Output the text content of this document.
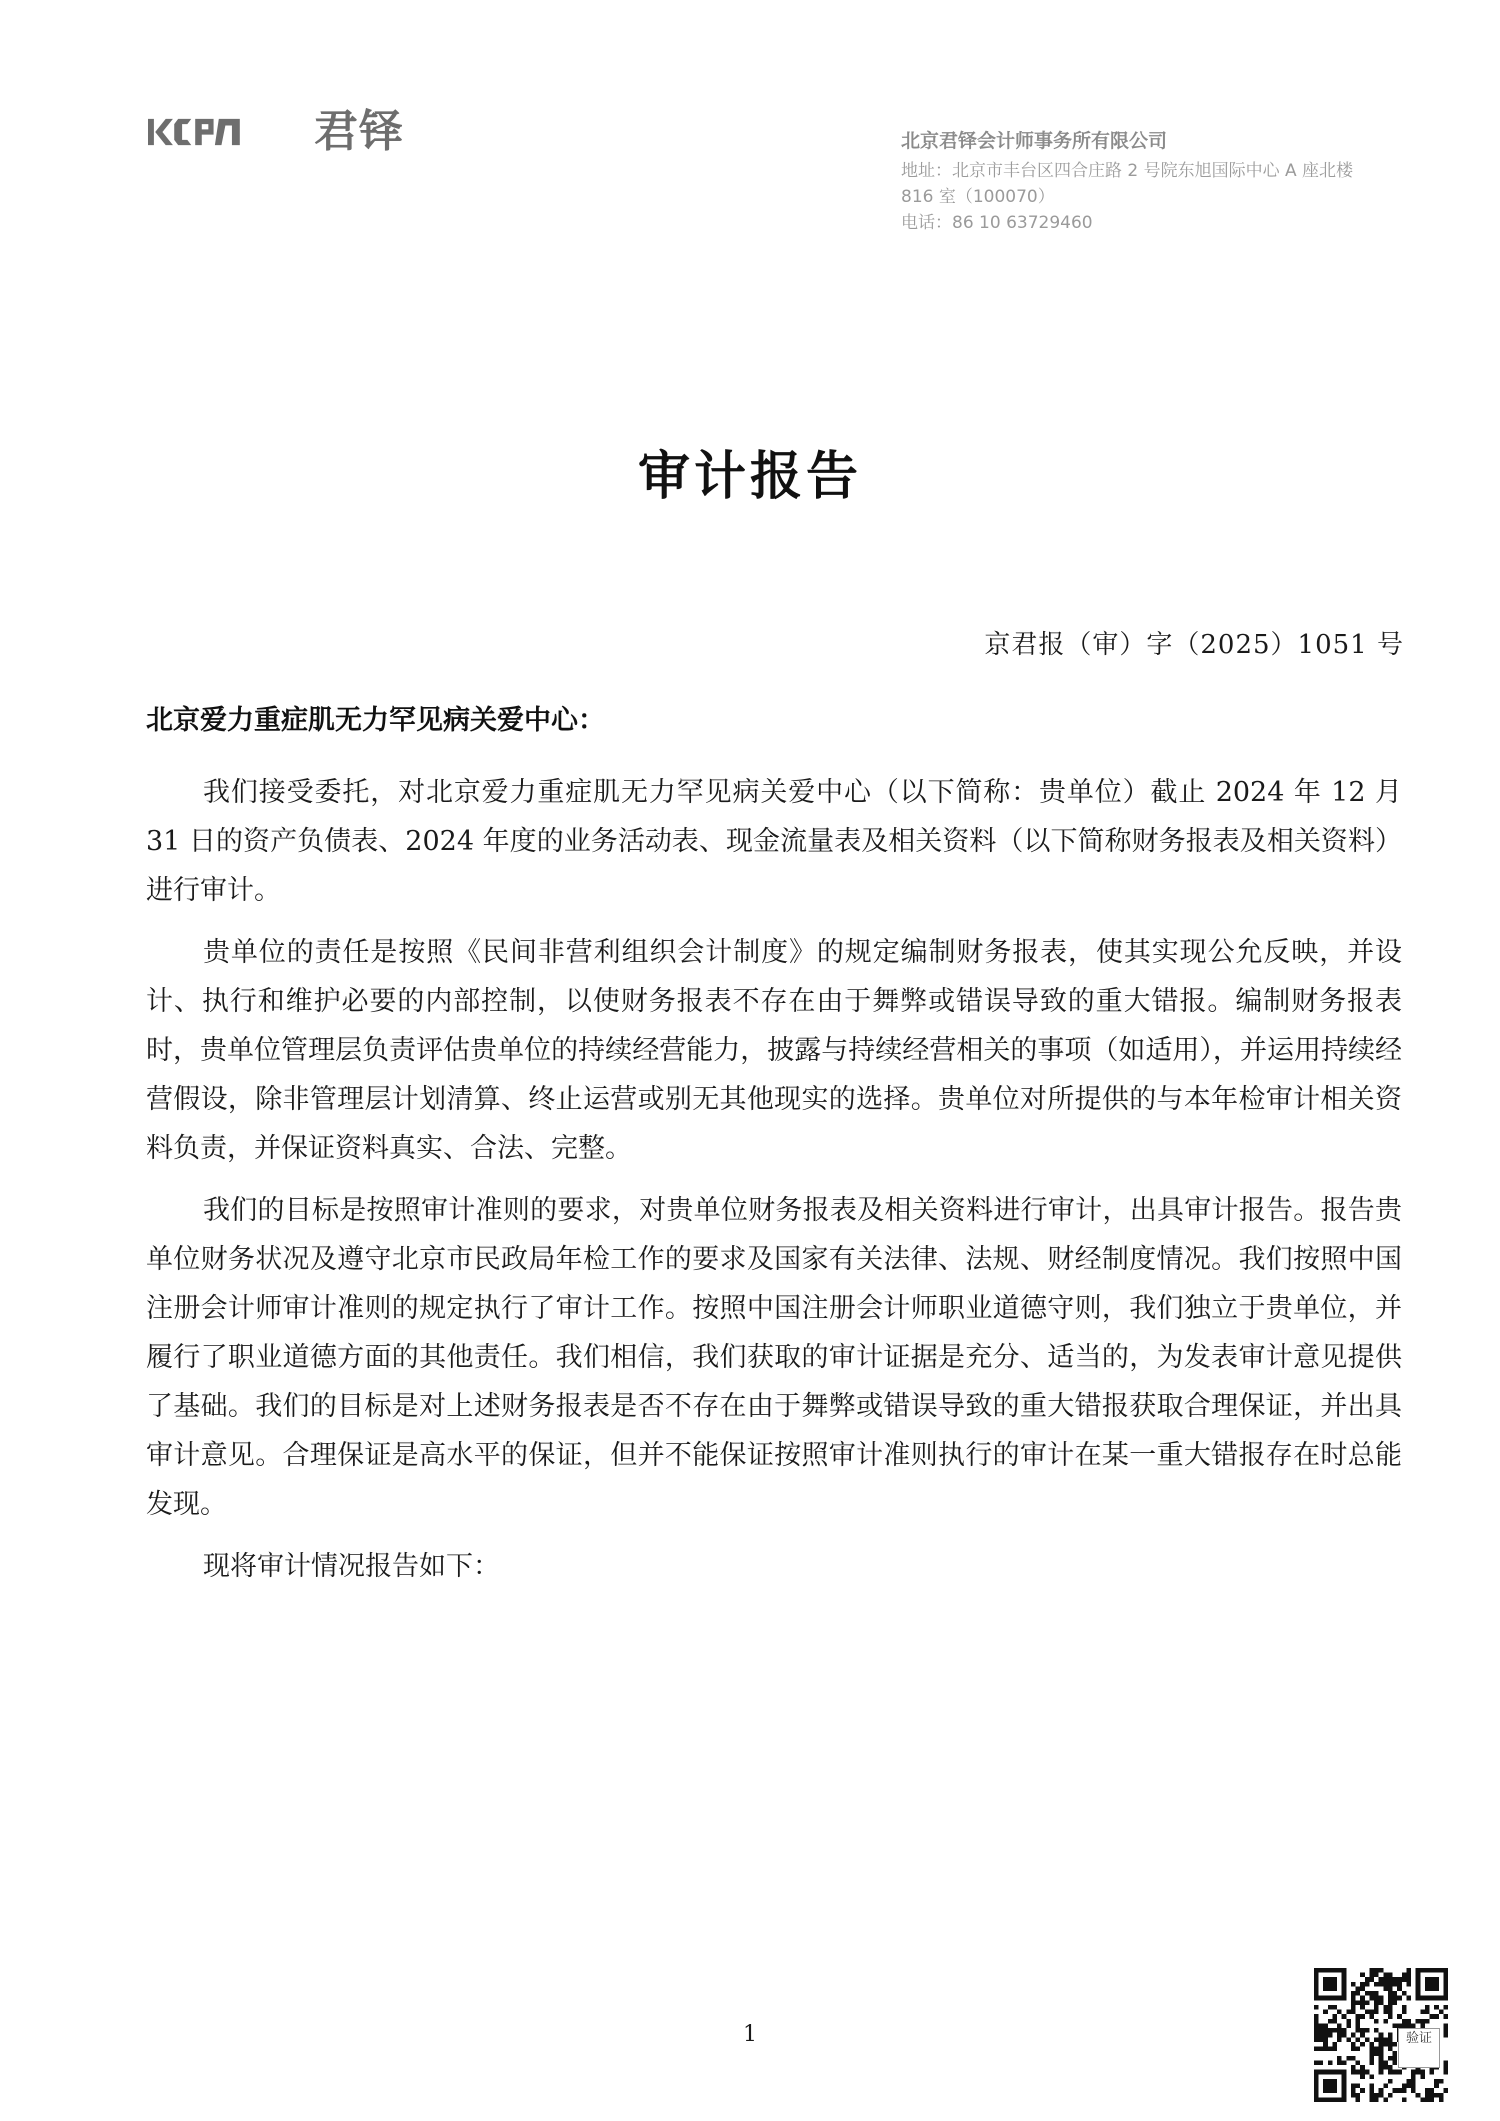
君铎	北京君铎会计师事务所有限公司
地址：北京市丰台区四合庄路 2 号院东旭国际中心 A 座北楼
816 室（100070）
电话：86 10 63729460
审计报告
京君报（审）字（2025）1051 号
北京爱力重症肌无力罕见病关爱中心：

我们接受委托，对北京爱力重症肌无力罕见病关爱中心（以下简称：贵单位）截止 2024 年 12 月 31 日的资产负债表、2024 年度的业务活动表、现金流量表及相关资料（以下简称财务报表及相关资料）进行审计。

贵单位的责任是按照《民间非营利组织会计制度》的规定编制财务报表，使其实现公允反映，并设计、执行和维护必要的内部控制，以使财务报表不存在由于舞弊或错误导致的重大错报。编制财务报表时，贵单位管理层负责评估贵单位的持续经营能力，披露与持续经营相关的事项（如适用），并运用持续经营假设，除非管理层计划清算、终止运营或别无其他现实的选择。贵单位对所提供的与本年检审计相关资料负责，并保证资料真实、合法、完整。

我们的目标是按照审计准则的要求，对贵单位财务报表及相关资料进行审计，出具审计报告。报告贵单位财务状况及遵守北京市民政局年检工作的要求及国家有关法律、法规、财经制度情况。我们按照中国注册会计师审计准则的规定执行了审计工作。按照中国注册会计师职业道德守则，我们独立于贵单位，并履行了职业道德方面的其他责任。我们相信，我们获取的审计证据是充分、适当的，为发表审计意见提供了基础。我们的目标是对上述财务报表是否不存在由于舞弊或错误导致的重大错报获取合理保证，并出具审计意见。合理保证是高水平的保证，但并不能保证按照审计准则执行的审计在某一重大错报存在时总能发现。

现将审计情况报告如下：

1	验证
